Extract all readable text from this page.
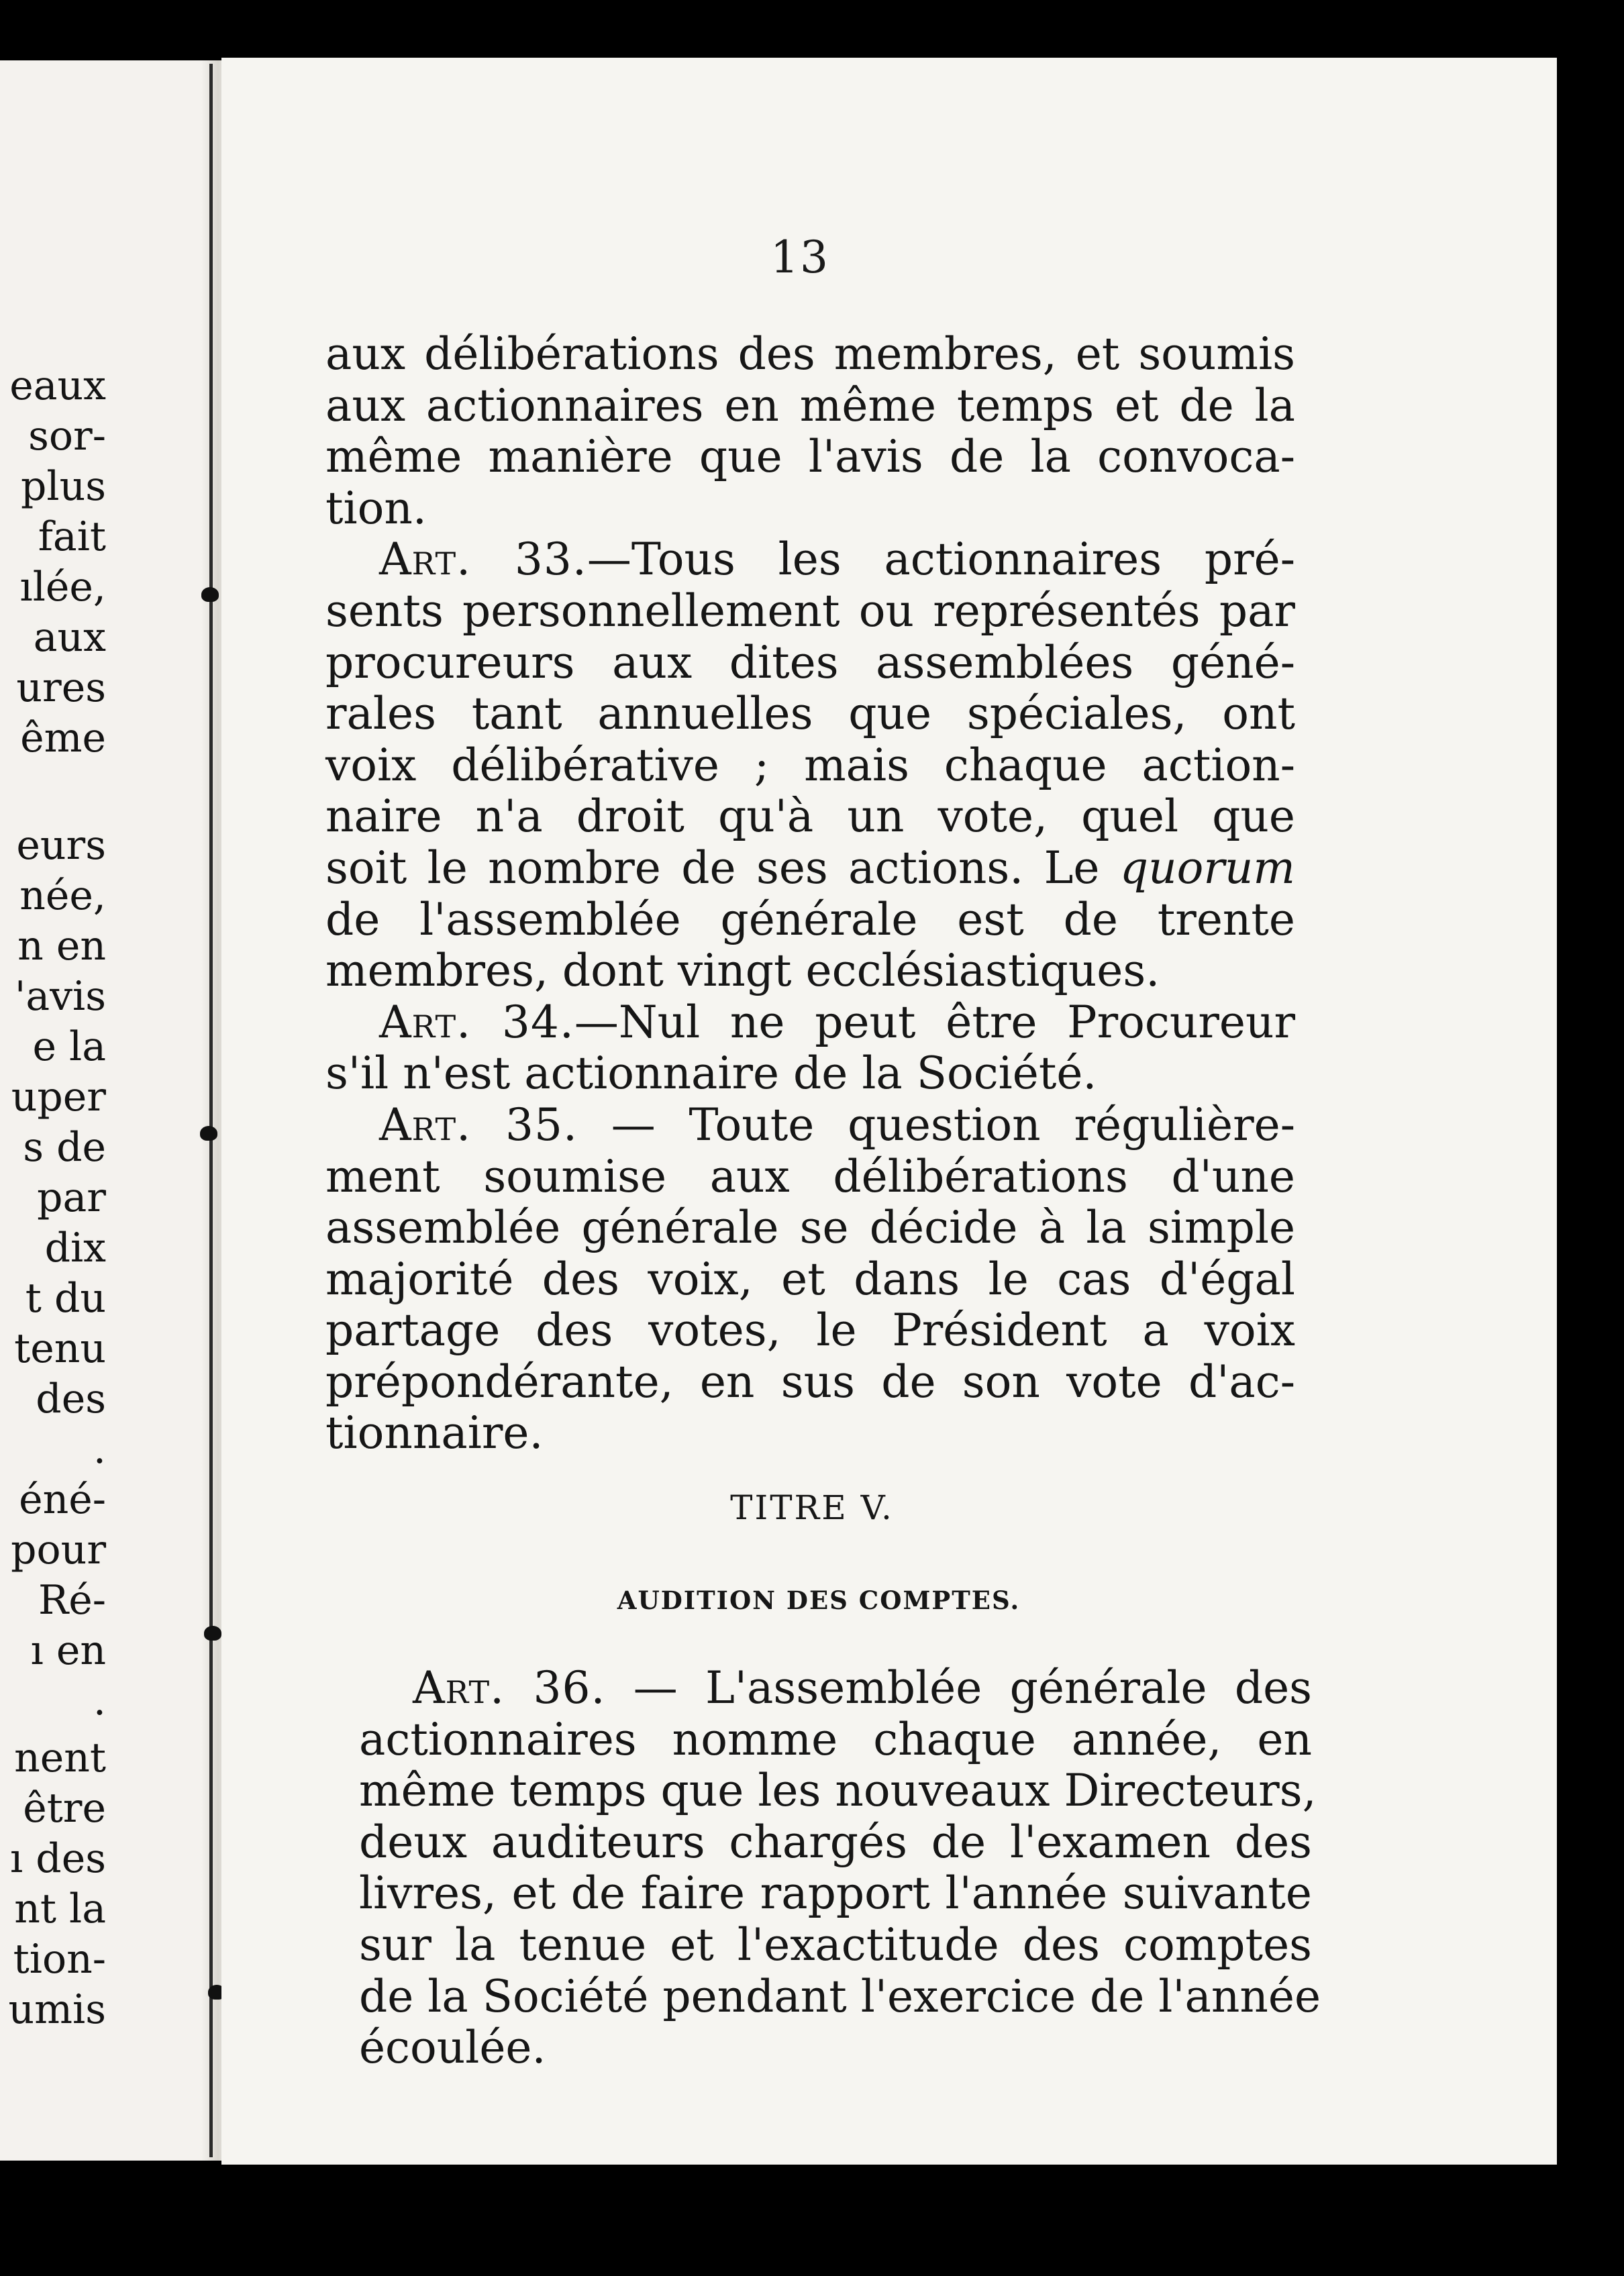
eaux
sor-
plus
fait
ılée,
aux
ures
ême
eurs
née,
n en
'avis
e la
uper
s de
par
dix
t du
tenu
des
.
éné-
pour
Ré-
ı en
.
nent
être
ı des
nt la
tion-
umis
13
aux délibérations des membres, et soumis
aux actionnaires en même temps et de la
même manière que l'avis de la convoca-
tion.
Art. 33.—Tous les actionnaires pré-
sents personnellement ou représentés par
procureurs aux dites assemblées géné-
rales tant annuelles que spéciales, ont
voix délibérative ; mais chaque action-
naire n'a droit qu'à un vote, quel que
soit le nombre de ses actions. Le quorum
de l'assemblée générale est de trente
membres, dont vingt ecclésiastiques.
Art. 34.—Nul ne peut être Procureur
s'il n'est actionnaire de la Société.
Art. 35. — Toute question régulière-
ment soumise aux délibérations d'une
assemblée générale se décide à la simple
majorité des voix, et dans le cas d'égal
partage des votes, le Président a voix
prépondérante, en sus de son vote d'ac-
tionnaire.
TITRE V.
AUDITION DES COMPTES.
Art. 36. — L'assemblée générale des
actionnaires nomme chaque année, en
même temps que les nouveaux Directeurs,
deux auditeurs chargés de l'examen des
livres, et de faire rapport l'année suivante
sur la tenue et l'exactitude des comptes
de la Société pendant l'exercice de l'année
écoulée.
